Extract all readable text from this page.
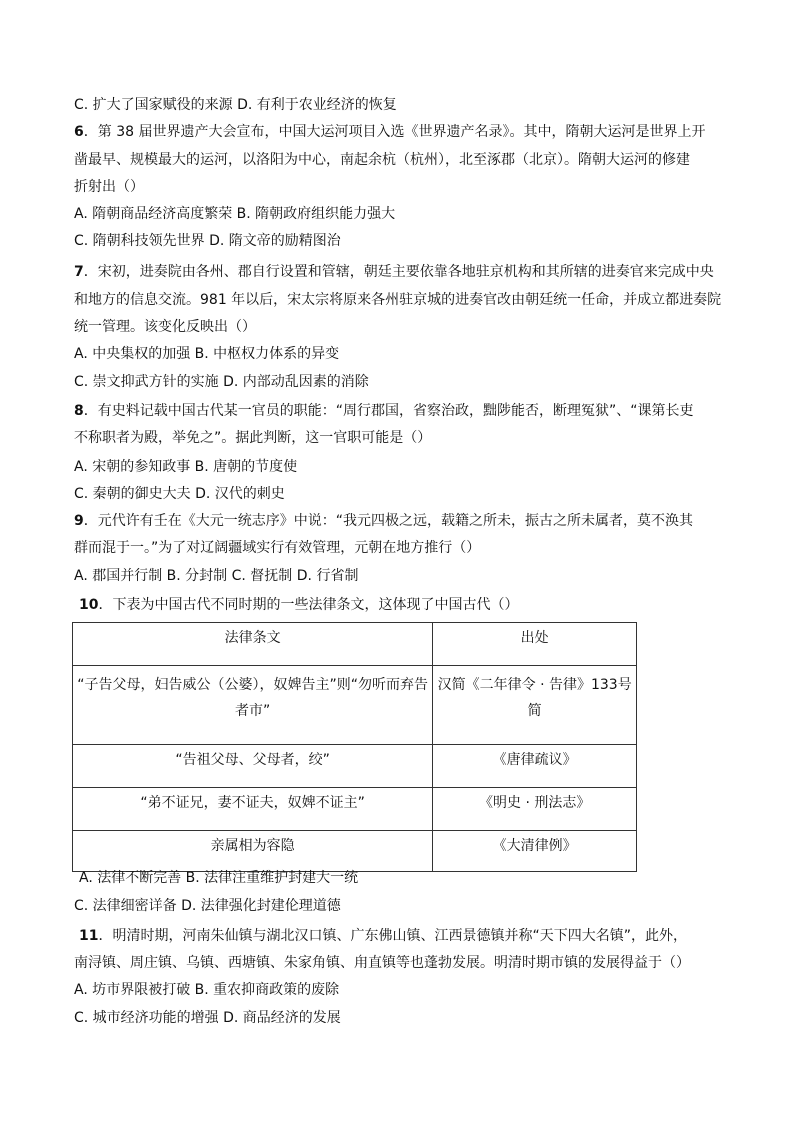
C. 扩大了国家赋役的来源 D. 有利于农业经济的恢复
6．第 38 届世界遗产大会宣布，中国大运河项目入选《世界遗产名录》。其中，隋朝大运河是世界上开
凿最早、规模最大的运河，以洛阳为中心，南起余杭（杭州），北至涿郡（北京）。隋朝大运河的修建
折射出（）
A. 隋朝商品经济高度繁荣 B. 隋朝政府组织能力强大
C. 隋朝科技领先世界 D. 隋文帝的励精图治
7．宋初，进奏院由各州、郡自行设置和管辖，朝廷主要依靠各地驻京机构和其所辖的进奏官来完成中央
和地方的信息交流。981 年以后，宋太宗将原来各州驻京城的进奏官改由朝廷统一任命，并成立都进奏院
统一管理。该变化反映出（）
A. 中央集权的加强 B. 中枢权力体系的异变
C. 崇文抑武方针的实施 D. 内部动乱因素的消除
8．有史料记载中国古代某一官员的职能：“周行郡国，省察治政，黜陟能否，断理冤狱”、“课第长吏
不称职者为殿，举免之”。据此判断，这一官职可能是（）
A. 宋朝的参知政事 B. 唐朝的节度使
C. 秦朝的御史大夫 D. 汉代的刺史
9．元代许有壬在《大元一统志序》中说：“我元四极之远，载籍之所未，振古之所未属者，莫不涣其
群而混于一。”为了对辽阔疆域实行有效管理，元朝在地方推行（）
A. 郡国并行制 B. 分封制 C. 督抚制 D. 行省制
10．下表为中国古代不同时期的一些法律条文，这体现了中国古代（）
法律条文	出处
“子告父母，妇告威公（公婆），奴婢告主”则“勿听而弃告者市”	汉简《二年律令 · 告律》133号简
“告祖父母、父母者，绞”	《唐律疏议》
“弟不证兄，妻不证夫，奴婢不证主”	《明史 · 刑法志》
亲属相为容隐	《大清律例》
A. 法律不断完善 B. 法律注重维护封建大一统
C. 法律细密详备 D. 法律强化封建伦理道德
11．明清时期，河南朱仙镇与湖北汉口镇、广东佛山镇、江西景德镇并称“天下四大名镇”，此外，
南浔镇、周庄镇、乌镇、西塘镇、朱家角镇、甪直镇等也蓬勃发展。明清时期市镇的发展得益于（）
A. 坊市界限被打破 B. 重农抑商政策的废除
C. 城市经济功能的增强 D. 商品经济的发展
